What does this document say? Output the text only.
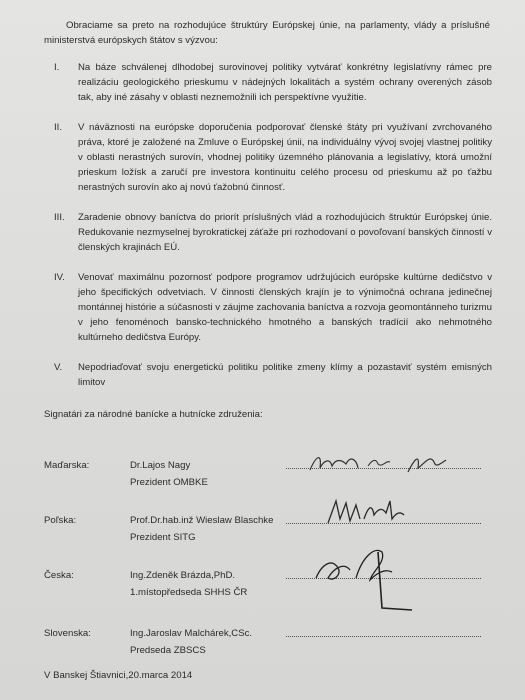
Obraciame sa preto na rozhodujúce štruktúry Európskej únie, na parlamenty, vlády a príslušné ministerstvá európskych štátov s výzvou:
I.	Na báze schválenej dlhodobej surovinovej politiky vytvárať konkrétny legislatívny rámec pre realizáciu geologického prieskumu v nádejných lokalitách a systém ochrany overených zásob tak, aby iné zásahy v oblasti neznemožnili ich perspektívne využitie.
II.	V náväznosti na európske doporučenia podporovať členské štáty pri využívaní zvrchovaného práva, ktoré je založené na Zmluve o Európskej únii, na individuálny vývoj svojej vlastnej politiky v oblasti nerastných surovín, vhodnej politiky územného plánovania a legislatívy, ktorá umožní prieskum ložísk a zaručí pre investora kontinuitu celého procesu od prieskumu až po ťažbu nerastných surovín ako aj novú ťažobnú činnosť.
III.	Zaradenie obnovy baníctva do priorít príslušných vlád a rozhodujúcich štruktúr Európskej únie. Redukovanie nezmyselnej byrokratickej záťaže pri rozhodovaní o povoľovaní banských činností v členských krajinách EÚ.
IV.	Venovať maximálnu pozornosť podpore programov udržujúcich európske kultúrne dedičstvo v jeho špecifických odvetviach. V činnosti členských krajín je to výnimočná ochrana jedinečnej montánnej histórie a súčasnosti v záujme zachovania baníctva a rozvoja geomontánneho turizmu v jeho fenoménoch bansko-technického hmotného a banských tradícií ako nehmotného kultúrneho dedičstva Európy.
V.	Nepodriaďovať svoju energetickú politiku politike zmeny klímy a pozastaviť systém emisných limitov
Signatári za národné banícke a hutnícke združenia:
Maďarska:	Dr.Lajos Nagy
Prezident OMBKE
Poľska:	Prof.Dr.hab.inž Wieslaw Blaschke
Prezident SITG
Česka:	Ing.Zdeněk Brázda,PhD.
1.místopředseda SHHS ČR
Slovenska:	Ing.Jaroslav Malchárek,CSc.
Predseda ZBSCS
V Banskej Štiavnici,20.marca 2014
